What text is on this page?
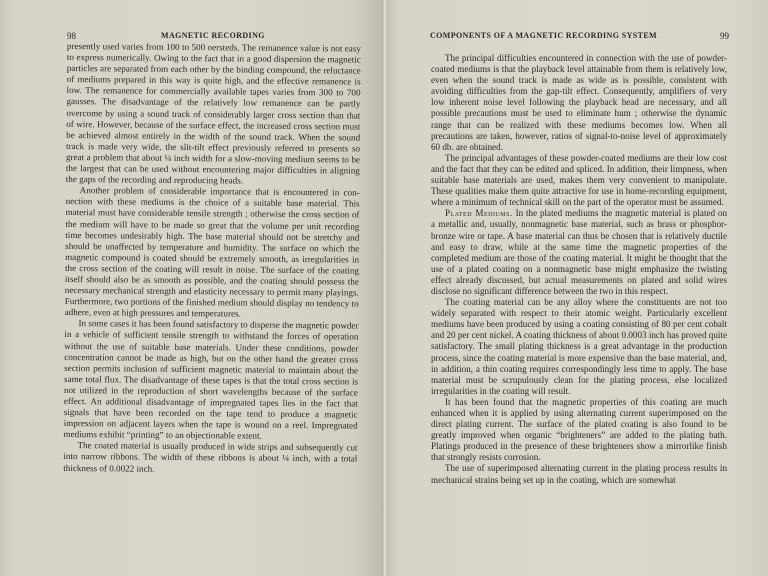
98	MAGNETIC RECORDING

presently used varies from 100 to 500 oersteds. The remanence value is not easy to express numerically. Owing to the fact that in a good dispersion the magnetic particles are separated from each other by the binding compound, the reluctance of mediums prepared in this way is quite high, and the effective remanence is low. The remanence for commercially available tapes varies from 300 to 700 gausses. The disadvantage of the relatively low remanence can be partly overcome by using a sound track of considerably larger cross section than that of wire. However, because of the surface effect, the increased cross section must be achieved almost entirely in the width of the sound track. When the sound track is made very wide, the slit-tilt effect previously referred to presents so great a problem that about ¼ inch width for a slow-moving medium seems to be the largest that can be used without encountering major difficulties in aligning the gaps of the recording and reproducing heads.

Another problem of considerable importance that is encountered in connection with these mediums is the choice of a suitable base material. This material must have considerable tensile strength ; otherwise the cross section of the medium will have to be made so great that the volume per unit recording time becomes undesirably high. The base material should not be stretchy and should be unaffected by temperature and humidity. The surface on which the magnetic compound is coated should be extremely smooth, as irregularities in the cross section of the coating will result in noise. The surface of the coating itself should also be as smooth as possible, and the coating should possess the necessary mechanical strength and elasticity necessary to permit many playings. Furthermore, two portions of the finished medium should display no tendency to adhere, even at high pressures and temperatures.

In some cases it has been found satisfactory to disperse the magnetic powder in a vehicle of sufficient tensile strength to withstand the forces of operation without the use of suitable base materials. Under these conditions, powder concentration cannot be made as high, but on the other hand the greater cross section permits inclusion of sufficient magnetic material to maintain about the same total flux. The disadvantage of these tapes is that the total cross section is not utilized in the reproduction of short wavelengths because of the surface effect. An additional disadvantage of impregnated tapes lies in the fact that signals that have been recorded on the tape tend to produce a magnetic impression on adjacent layers when the tape is wound on a reel. Impregnated mediums exhibit “printing” to an objectionable extent.

The coated material is usually produced in wide strips and subsequently cut into narrow ribbons. The width of these ribbons is about ¼ inch, with a total thickness of 0.0022 inch.

COMPONENTS OF A MAGNETIC RECORDING SYSTEM	99

The principal difficulties encountered in connection with the use of powder-coated mediums is that the playback level attainable from them is relatively low, even when the sound track is made as wide as is possible, consistent with avoiding difficulties from the gap-tilt effect. Consequently, amplifiers of very low inherent noise level following the playback head are necessary, and all possible precautions must be used to eliminate hum ; otherwise the dynamic range that can be realized with these mediums becomes low. When all precautions are taken, however, ratios of signal-to-noise level of approximately 60 db. are obtained.

The principal advantages of these powder-coated mediums are their low cost and the fact that they can be edited and spliced. In addition, their limpness, when suitable base materials are used, makes them very convenient to manipulate. These qualities make them quite attractive for use in home-recording equipment, where a minimum of technical skill on the part of the operator must be assumed.

Plated Mediums. In the plated mediums the magnetic material is plated on a metallic and, usually, nonmagnetic base material, such as brass or phosphor-bronze wire or tape. A base material can thus be chosen that is relatively ductile and easy to draw, while at the same time the magnetic properties of the completed medium are those of the coating material. It might be thought that the use of a plated coating on a nonmagnetic base might emphasize the twisting effect already discussed, but actual measurements on plated and solid wires disclose no significant difference between the two in this respect.

The coating material can be any alloy where the constituents are not too widely separated with respect to their atomic weight. Particularly excellent mediums have been produced by using a coating consisting of 80 per cent cobalt and 20 per cent nickel. A coating thickness of about 0.0003 inch has proved quite satisfactory. The small plating thickness is a great advantage in the production process, since the coating material is more expensive than the base material, and, in addition, a thin coating requires correspondingly less time to apply. The base material must be scrupulously clean for the plating process, else localized irregularities in the coating will result.

It has been found that the magnetic properties of this coating are much enhanced when it is applied by using alternating current superimposed on the direct plating current. The surface of the plated coating is also found to be greatly improved when organic “brighteners” are added to the plating bath. Platings produced in the presence of these brighteners show a mirrorlike finish that strongly resists corrosion.

The use of superimposed alternating current in the plating process results in mechanical strains being set up in the coating, which are somewhat
